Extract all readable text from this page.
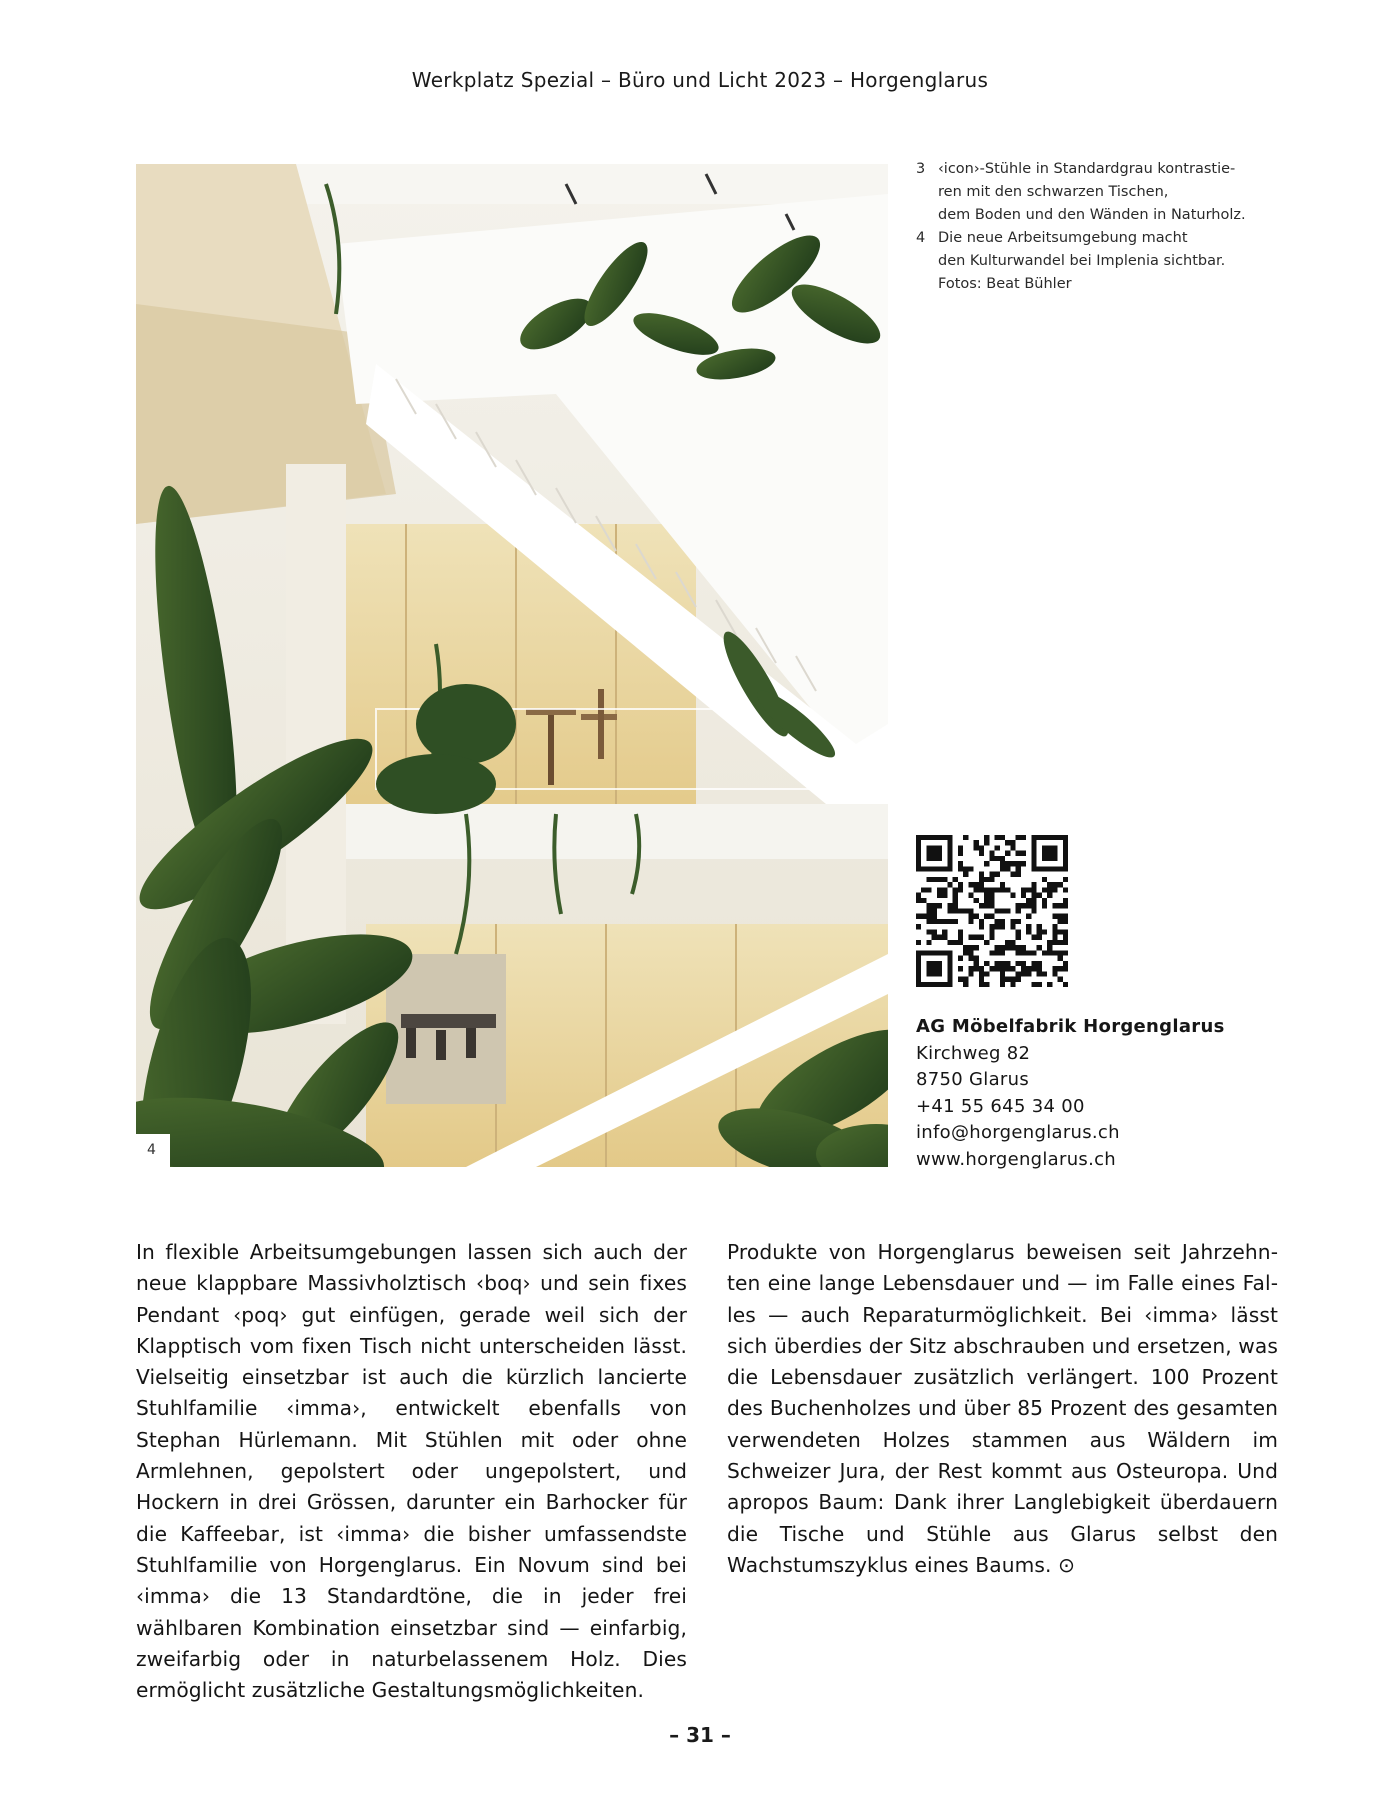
Werkplatz Spezial – Büro und Licht 2023 – Horgenglarus
4
3 ‹icon›-Stühle in Standardgrau kontrastie-
ren mit den schwarzen Tischen,
dem Boden und den Wänden in Naturholz.
4 Die neue Arbeitsumgebung macht
den Kulturwandel bei Implenia sichtbar.
Fotos: Beat Bühler
AG Möbelfabrik Horgenglarus
Kirchweg 82
8750 Glarus
+41 55 645 34 00
info@horgenglarus.ch
www.horgenglarus.ch
In flexible Arbeitsumgebungen lassen sich auch der neue klappbare Massivholztisch ‹boq› und sein fixes Pendant ‹poq› gut einfügen, gerade weil sich der Klapptisch vom fixen Tisch nicht unterscheiden lässt. Vielseitig einsetzbar ist auch die kürzlich lancierte Stuhlfamilie ‹imma›, entwickelt ebenfalls von Stephan Hürlemann. Mit Stühlen mit oder ohne Armlehnen, gepolstert oder ungepolstert, und Hockern in drei Grössen, darunter ein Barhocker für die Kaffeebar, ist ‹imma› die bisher umfassendste Stuhlfamilie von Horgenglarus. Ein Novum sind bei ‹imma› die 13 Standardtöne, die in jeder frei wählbaren Kombination einsetzbar sind — einfarbig, zweifarbig oder in naturbelassenem Holz. Dies ermöglicht zusätzliche Gestaltungsmöglichkeiten.
Produkte von Horgenglarus beweisen seit Jahrzehnten eine lange Lebensdauer und — im Falle eines Falles — auch Reparaturmöglichkeit. Bei ‹imma› lässt sich überdies der Sitz abschrauben und ersetzen, was die Lebensdauer zusätzlich verlängert. 100 Prozent des Buchenholzes und über 85 Prozent des gesamten verwendeten Holzes stammen aus Wäldern im Schweizer Jura, der Rest kommt aus Osteuropa. Und apropos Baum: Dank ihrer Langlebigkeit überdauern die Tische und Stühle aus Glarus selbst den Wachstumszyklus eines Baums. ⊙
– 31 –
